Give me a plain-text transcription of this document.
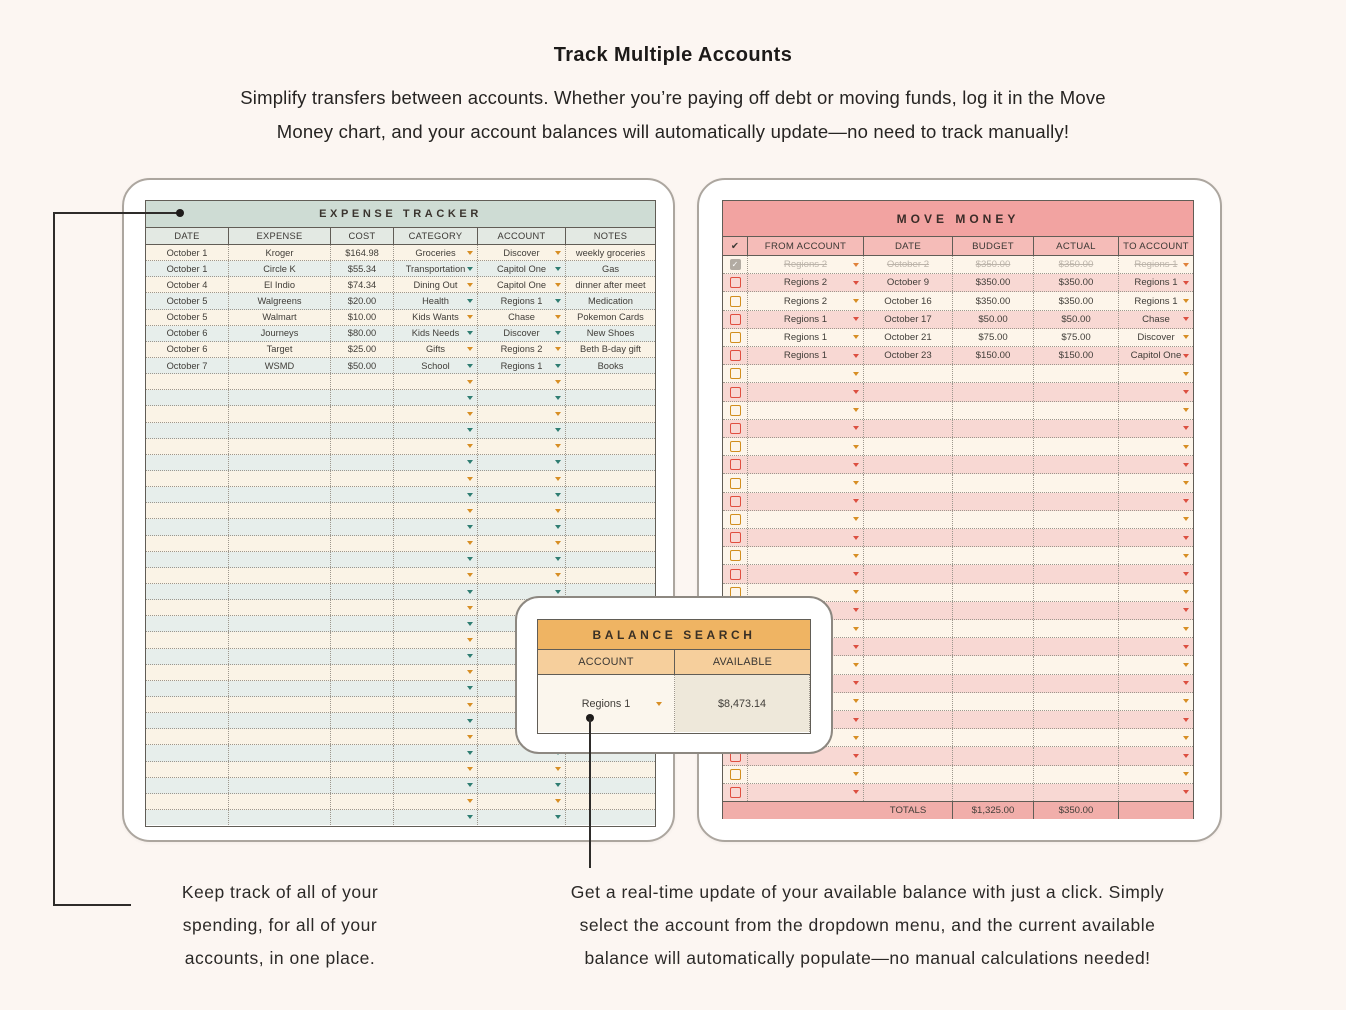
Track Multiple Accounts
Simplify transfers between accounts. Whether you’re paying off debt or moving funds, log it in the Move
Money chart, and your account balances will automatically update—no need to track manually!
EXPENSE TRACKER
DATE	EXPENSE	COST	CATEGORY	ACCOUNT	NOTES
October 1	Kroger	$164.98	Groceries	Discover	weekly groceries
October 1	Circle K	$55.34	Transportation	Capitol One	Gas
October 4	El Indio	$74.34	Dining Out	Capitol One	dinner after meet
October 5	Walgreens	$20.00	Health	Regions 1	Medication
October 5	Walmart	$10.00	Kids Wants	Chase	Pokemon Cards
October 6	Journeys	$80.00	Kids Needs	Discover	New Shoes
October 6	Target	$25.00	Gifts	Regions 2	Beth B-day gift
October 7	WSMD	$50.00	School	Regions 1	Books
MOVE MONEY
✔	FROM ACCOUNT	DATE	BUDGET	ACTUAL	TO ACCOUNT
✓	Regions 2	October 2	$350.00	$350.00	Regions 1
Regions 2	October 9	$350.00	$350.00	Regions 1
Regions 2	October 16	$350.00	$350.00	Regions 1
Regions 1	October 17	$50.00	$50.00	Chase
Regions 1	October 21	$75.00	$75.00	Discover
Regions 1	October 23	$150.00	$150.00	Capitol One
TOTALS	$1,325.00	$350.00
BALANCE SEARCH
ACCOUNT	AVAILABLE
Regions 1	$8,473.14
Keep track of all of your
spending, for all of your
accounts, in one place.
Get a real-time update of your available balance with just a click. Simply
select the account from the dropdown menu, and the current available
balance will automatically populate—no manual calculations needed!
